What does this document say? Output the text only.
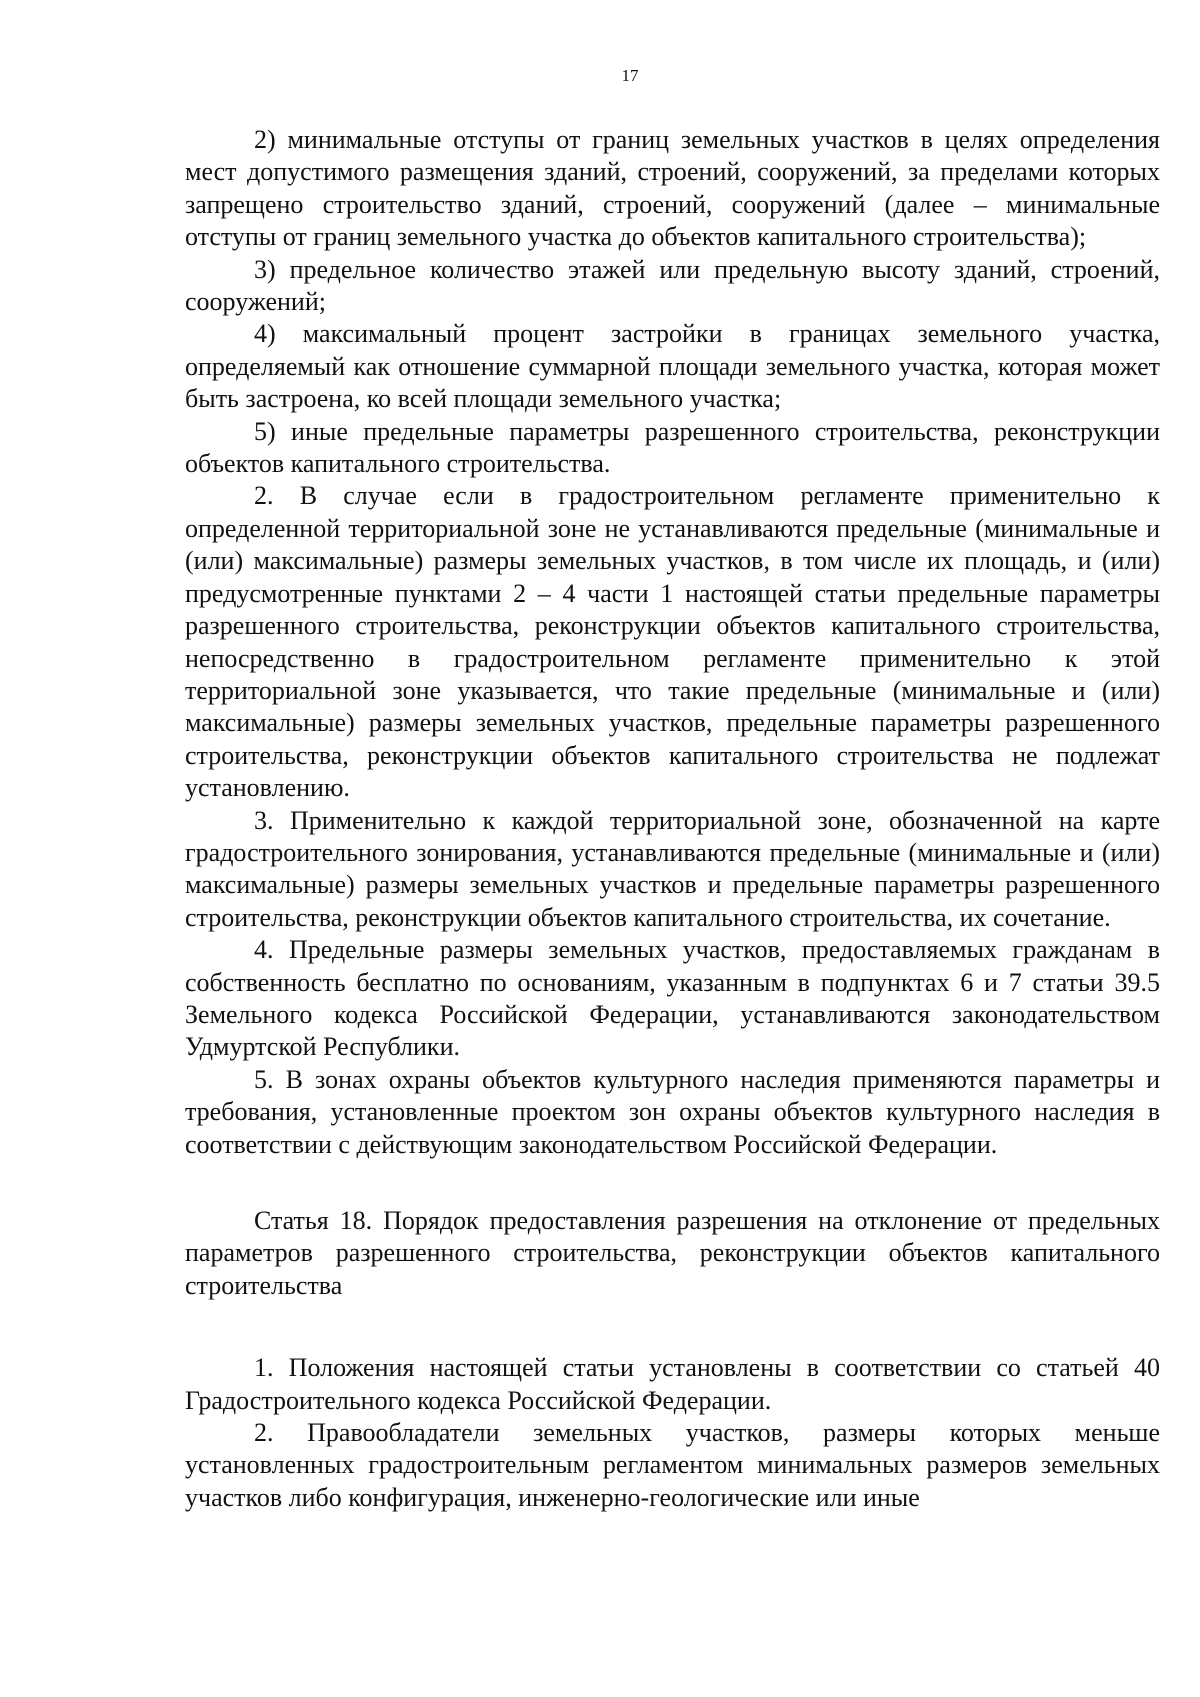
17

2) минимальные отступы от границ земельных участков в целях определения мест допустимого размещения зданий, строений, сооружений, за пределами которых запрещено строительство зданий, строений, сооружений (далее – минимальные отступы от границ земельного участка до объектов капитального строительства);

3) предельное количество этажей или предельную высоту зданий, строений, сооружений;

4) максимальный процент застройки в границах земельного участка, определяемый как отношение суммарной площади земельного участка, которая может быть застроена, ко всей площади земельного участка;

5) иные предельные параметры разрешенного строительства, реконструкции объектов капитального строительства.

2. В случае если в градостроительном регламенте применительно к определенной территориальной зоне не устанавливаются предельные (минимальные и (или) максимальные) размеры земельных участков, в том числе их площадь, и (или) предусмотренные пунктами 2 – 4 части 1 настоящей статьи предельные параметры разрешенного строительства, реконструкции объектов капитального строительства, непосредственно в градостроительном регламенте применительно к этой территориальной зоне указывается, что такие предельные (минимальные и (или) максимальные) размеры земельных участков, предельные параметры разрешенного строительства, реконструкции объектов капитального строительства не подлежат установлению.

3. Применительно к каждой территориальной зоне, обозначенной на карте градостроительного зонирования, устанавливаются предельные (минимальные и (или) максимальные) размеры земельных участков и предельные параметры разрешенного строительства, реконструкции объектов капитального строительства, их сочетание.

4. Предельные размеры земельных участков, предоставляемых гражданам в собственность бесплатно по основаниям, указанным в подпунктах 6 и 7 статьи 39.5 Земельного кодекса Российской Федерации, устанавливаются законодательством Удмуртской Республики.

5. В зонах охраны объектов культурного наследия применяются параметры и требования, установленные проектом зон охраны объектов культурного наследия в соответствии с действующим законодательством Российской Федерации.

Статья 18. Порядок предоставления разрешения на отклонение от предельных параметров разрешенного строительства, реконструкции объектов капитального строительства

1. Положения настоящей статьи установлены в соответствии со статьей 40 Градостроительного кодекса Российской Федерации.

2. Правообладатели земельных участков, размеры которых меньше установленных градостроительным регламентом минимальных размеров земельных участков либо конфигурация, инженерно-геологические или иные
